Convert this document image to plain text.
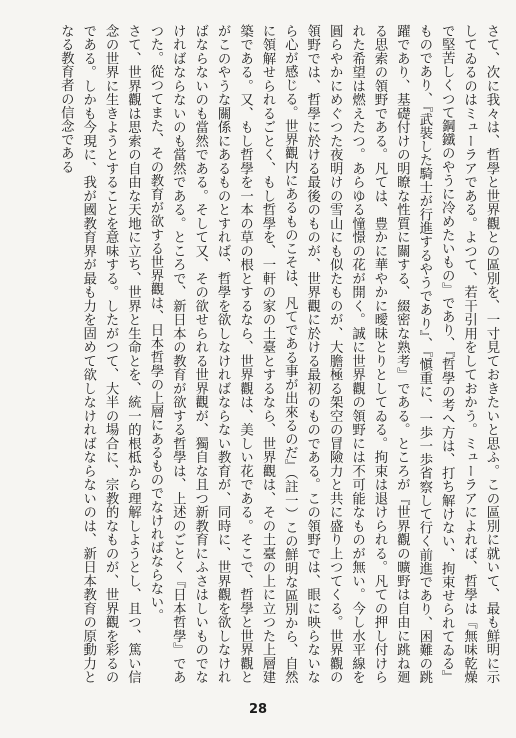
さて、次に我々は、哲學と世界觀との區別を、一寸見ておきたいと思ふ。この區別に就いて、最も鮮明に示してゐるのはミューラアである。よつて、若干引用をしておかう。ミューラアによれば、哲學は『無味乾燥で堅苦しくつて鋼鐵のやうに冷めたいもの』であり、『哲學の考へ方は、打ち解けない、拘束せられてゐる』ものであり、『武裝した騎士が行進するやうであり』、『愼重に、一歩一歩省察して行く前進であり、困難の跳躍であり、基礎付けの明瞭な性質に關する、綴密な熟考』である。ところが『世界觀の曠野は自由に跳ね廻る思索の領野である。凡ては、豊かに華やかに曖昧とりとしてゐる。拘束は退けられる。凡ての押し付けられた希望は燃えたつ。あらゆる憧憬の花が開く。誠に世界觀の領野には不可能なものが無い。今し水平線を圓らやかにめぐつた夜明けの雪山にも似たものが、大膽極る架空の冒險力と共に盛り上つてくる。世界觀の領野では、哲學に於ける最後のものが、世界觀に於ける最初のものである。この領野では、眼に映らないなら心が感じる。世界觀内にあるものこそは、凡てである事が出來るのだ』（註一）この鮮明な區別から、自然に領解せられるごとく、もし哲學を、一軒の家の土臺とするなら、世界觀は、その土臺の上に立つた上層建築である。又、もし哲學を一本の草の根とするなら、世界觀は、美しい花である。そこで、哲學と世界觀とがこのやうな關係にあるものとすれば、哲學を欲しなければならない教育が、同時に、世界觀を欲しなければならないのも當然である。そして又、その欲せられる世界觀が、獨自な且つ新教育にふさはしいものでなければならないのも當然である。ところで、新日本の教育が欲する哲學は、上述のごとく『日本哲學』であつた。從つてまた、その教育が欲する世界觀は、日本哲學の上層にあるものでなければならない。

さて、世界觀は思索の自由な天地に立ち、世界と生命とを、統一的根柢から理解しようとし、且つ、篤い信念の世界に生きようとすることを意味する。したがつて、大半の場合に、宗教的なものが、世界觀を彩るのである。しかも今現に、我が國教育界が最も力を固めて欲しなければならないのは、新日本教育の原動力となる教育者の信念である

28
